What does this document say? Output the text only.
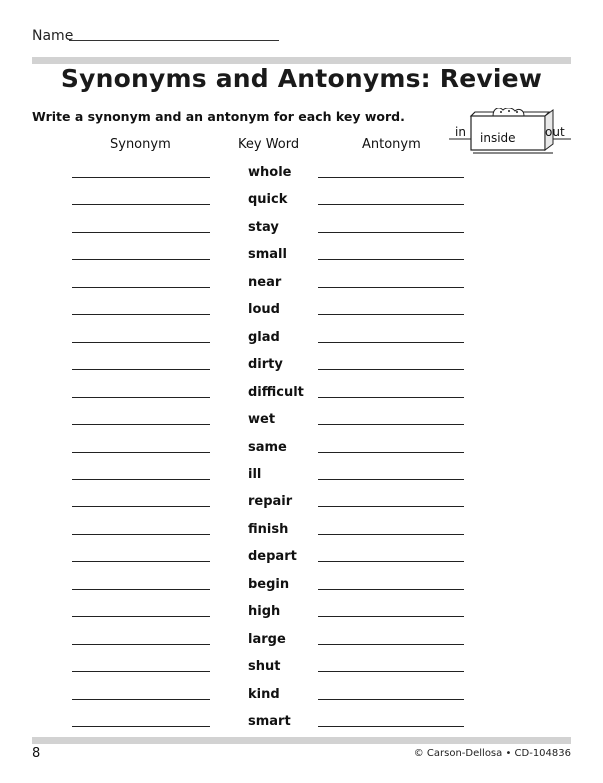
Name
Synonyms and Antonyms: Review
Write a synonym and an antonym for each key word.
in inside out
Synonym	Key Word	Antonym
whole
quick
stay
small
near
loud
glad
dirty
difficult
wet
same
ill
repair
finish
depart
begin
high
large
shut
kind
smart
8	© Carson-Dellosa • CD-104836
